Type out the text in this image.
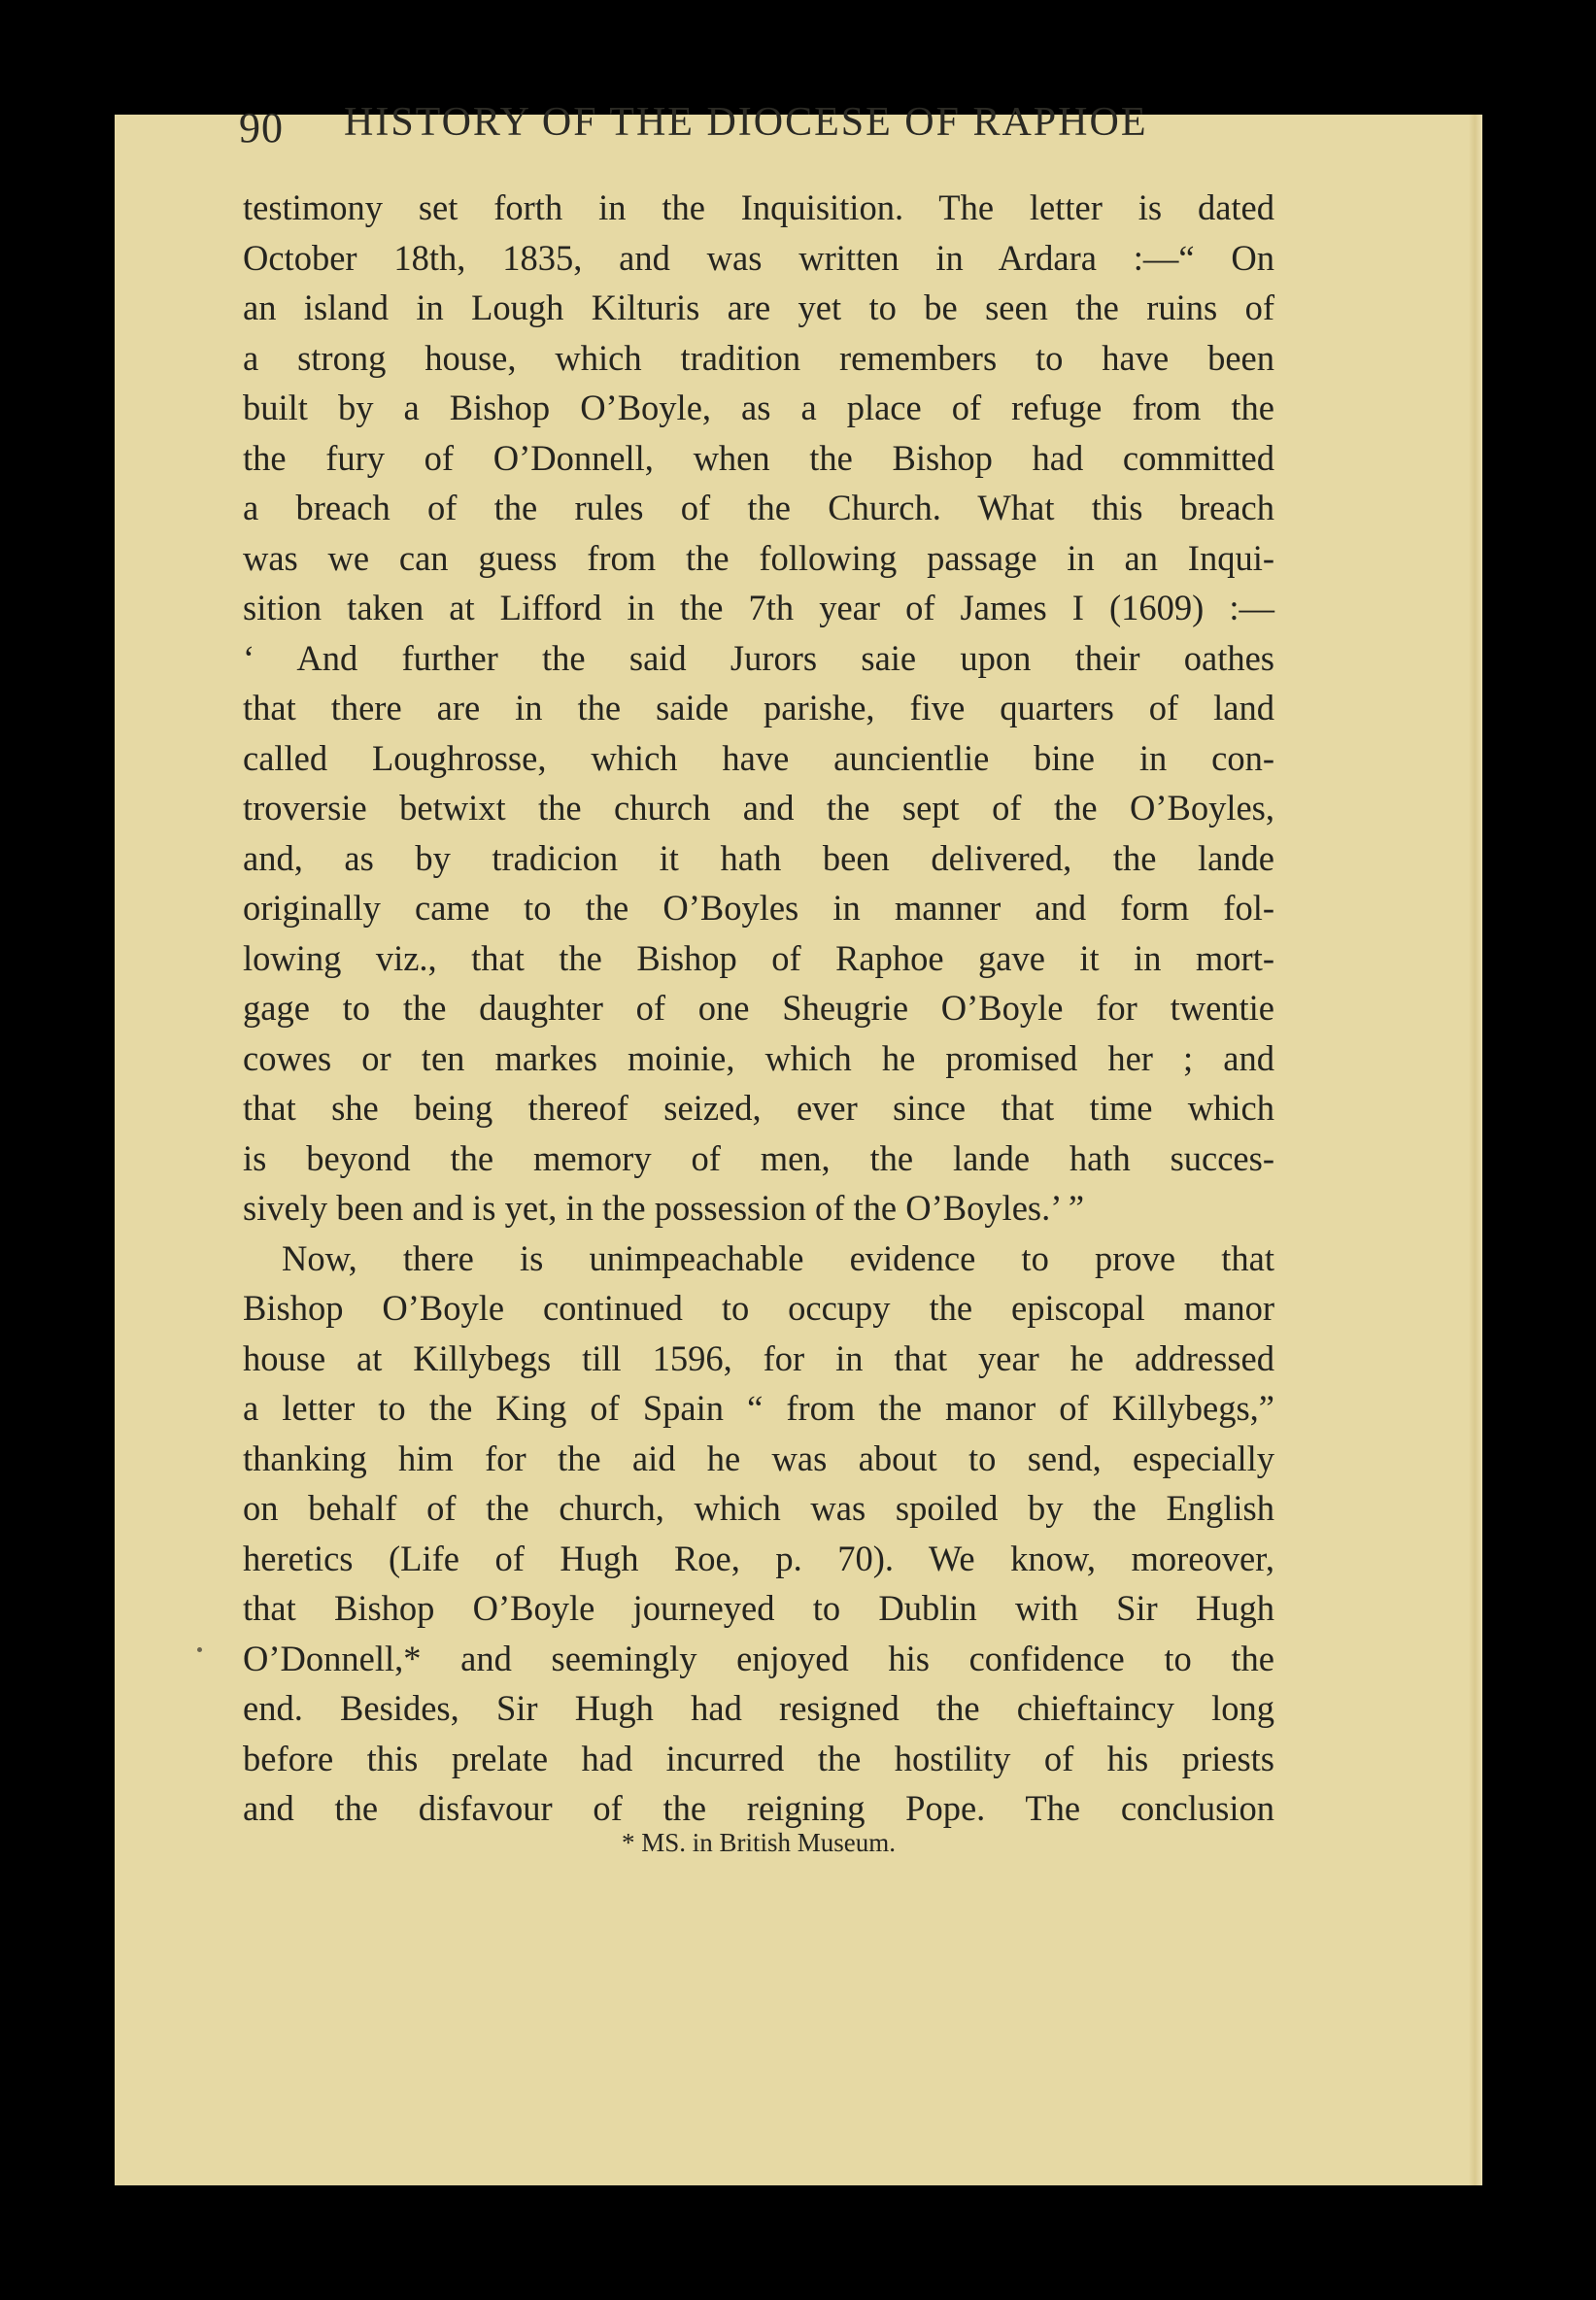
90 HISTORY OF THE DIOCESE OF RAPHOE
testimony set forth in the Inquisition. The letter is dated
October 18th, 1835, and was written in Ardara :—“ On
an island in Lough Kilturis are yet to be seen the ruins of
a strong house, which tradition remembers to have been
built by a Bishop O’Boyle, as a place of refuge from the
the fury of O’Donnell, when the Bishop had committed
a breach of the rules of the Church. What this breach
was we can guess from the following passage in an Inqui-
sition taken at Lifford in the 7th year of James I (1609) :—
‘ And further the said Jurors saie upon their oathes
that there are in the saide parishe, five quarters of land
called Loughrosse, which have auncientlie bine in con-
troversie betwixt the church and the sept of the O’Boyles,
and, as by tradicion it hath been delivered, the lande
originally came to the O’Boyles in manner and form fol-
lowing viz., that the Bishop of Raphoe gave it in mort-
gage to the daughter of one Sheugrie O’Boyle for twentie
cowes or ten markes moinie, which he promised her ; and
that she being thereof seized, ever since that time which
is beyond the memory of men, the lande hath succes-
sively been and is yet, in the possession of the O’Boyles.’ ”
Now, there is unimpeachable evidence to prove that
Bishop O’Boyle continued to occupy the episcopal manor
house at Killybegs till 1596, for in that year he addressed
a letter to the King of Spain “ from the manor of Killybegs,”
thanking him for the aid he was about to send, especially
on behalf of the church, which was spoiled by the English
heretics (Life of Hugh Roe, p. 70). We know, moreover,
that Bishop O’Boyle journeyed to Dublin with Sir Hugh
O’Donnell,* and seemingly enjoyed his confidence to the
end. Besides, Sir Hugh had resigned the chieftaincy long
before this prelate had incurred the hostility of his priests
and the disfavour of the reigning Pope. The conclusion
* MS. in British Museum.
